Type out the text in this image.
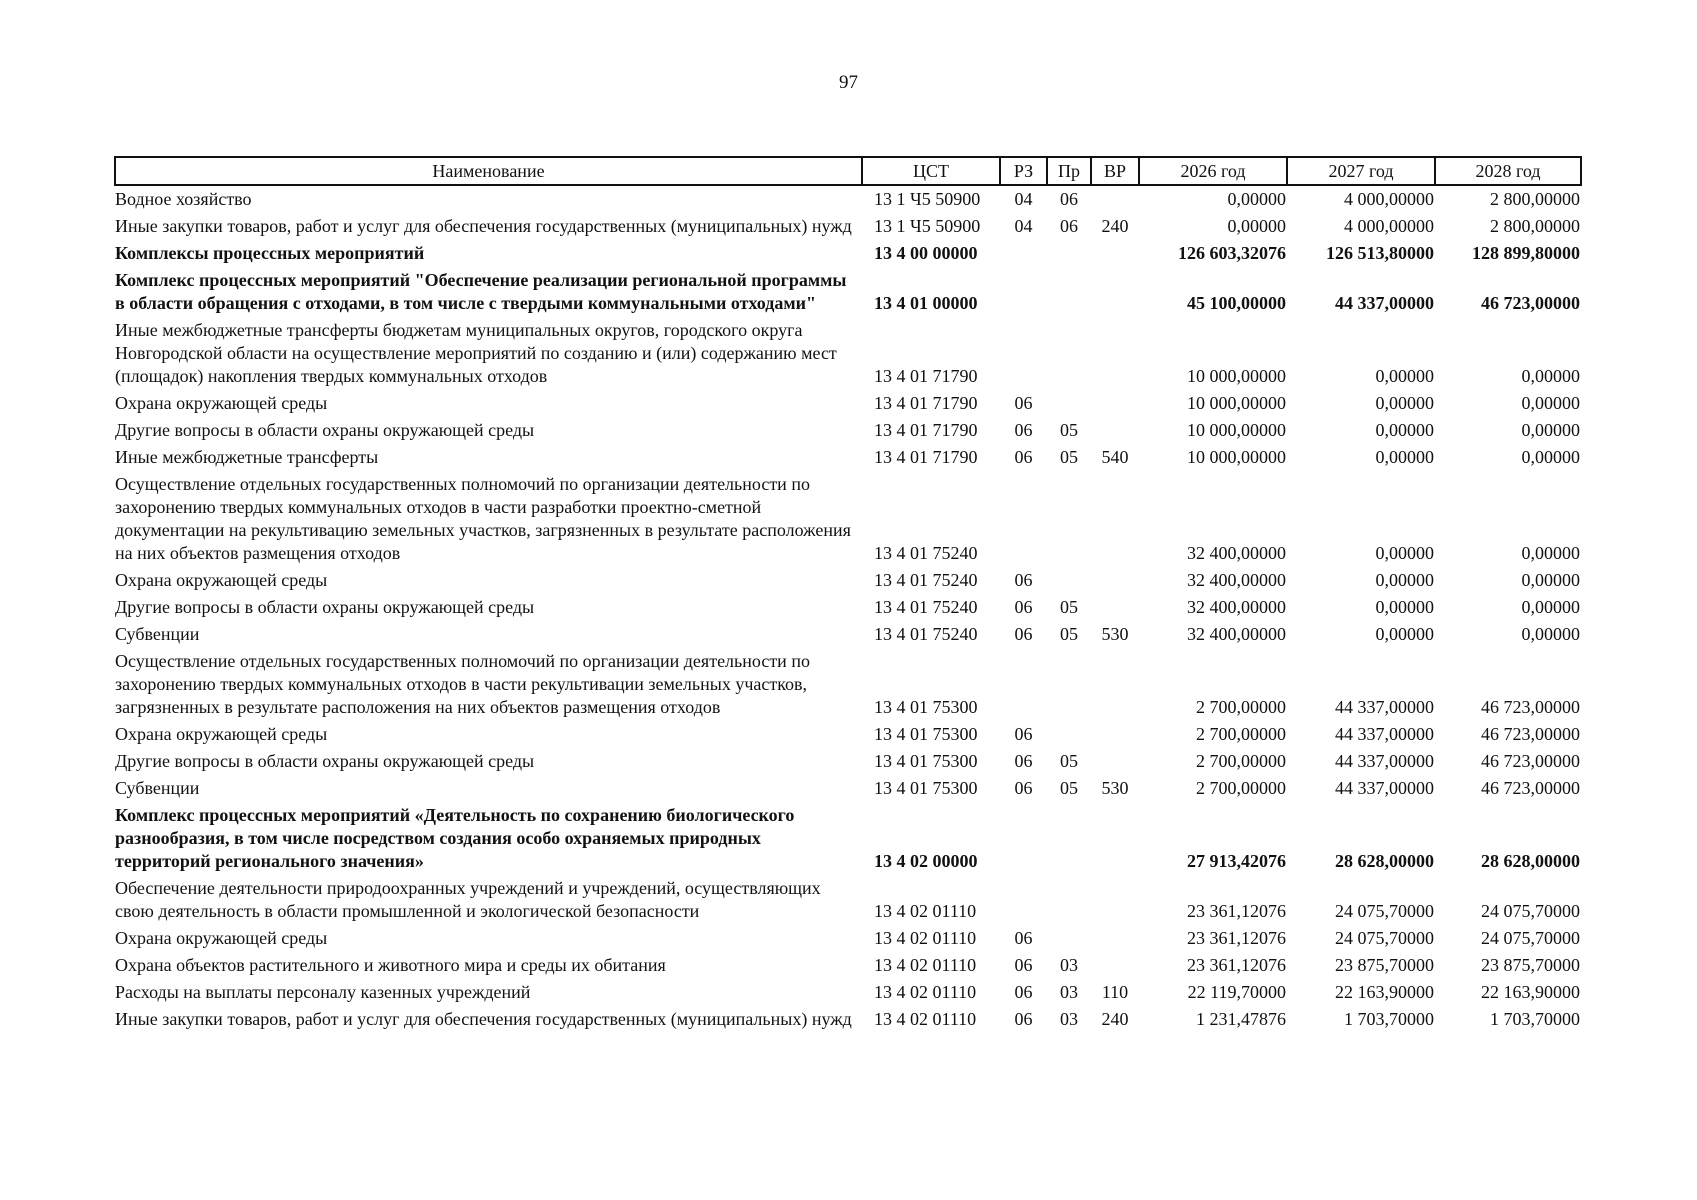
97
Наименование	ЦСТ	РЗ	Пр	ВР	2026 год	2027 год	2028 год
Водное хозяйство	13 1 Ч5 50900	04	06		0,00000	4 000,00000	2 800,00000
Иные закупки товаров, работ и услуг для обеспечения государственных (муниципальных) нужд	13 1 Ч5 50900	04	06	240	0,00000	4 000,00000	2 800,00000
Комплексы процессных мероприятий	13 4 00 00000				126 603,32076	126 513,80000	128 899,80000
Комплекс процессных мероприятий "Обеспечение реализации региональной программы в области обращения с отходами, в том числе с твердыми коммунальными отходами"	13 4 01 00000				45 100,00000	44 337,00000	46 723,00000
Иные межбюджетные трансферты бюджетам муниципальных округов, городского округа Новгородской области на осуществление мероприятий по созданию и (или) содержанию мест (площадок) накопления твердых коммунальных отходов	13 4 01 71790				10 000,00000	0,00000	0,00000
Охрана окружающей среды	13 4 01 71790	06			10 000,00000	0,00000	0,00000
Другие вопросы в области охраны окружающей среды	13 4 01 71790	06	05		10 000,00000	0,00000	0,00000
Иные межбюджетные трансферты	13 4 01 71790	06	05	540	10 000,00000	0,00000	0,00000
Осуществление отдельных государственных полномочий по организации деятельности по захоронению твердых коммунальных отходов в части разработки проектно-сметной документации на рекультивацию земельных участков, загрязненных в результате расположения на них объектов размещения отходов	13 4 01 75240				32 400,00000	0,00000	0,00000
Охрана окружающей среды	13 4 01 75240	06			32 400,00000	0,00000	0,00000
Другие вопросы в области охраны окружающей среды	13 4 01 75240	06	05		32 400,00000	0,00000	0,00000
Субвенции	13 4 01 75240	06	05	530	32 400,00000	0,00000	0,00000
Осуществление отдельных государственных полномочий по организации деятельности по захоронению твердых коммунальных отходов в части рекультивации земельных участков, загрязненных в результате расположения на них объектов размещения отходов	13 4 01 75300				2 700,00000	44 337,00000	46 723,00000
Охрана окружающей среды	13 4 01 75300	06			2 700,00000	44 337,00000	46 723,00000
Другие вопросы в области охраны окружающей среды	13 4 01 75300	06	05		2 700,00000	44 337,00000	46 723,00000
Субвенции	13 4 01 75300	06	05	530	2 700,00000	44 337,00000	46 723,00000
Комплекс процессных мероприятий «Деятельность по сохранению биологического разнообразия, в том числе посредством создания особо охраняемых природных территорий регионального значения»	13 4 02 00000				27 913,42076	28 628,00000	28 628,00000
Обеспечение деятельности природоохранных учреждений и учреждений, осуществляющих свою деятельность в области промышленной и экологической безопасности	13 4 02 01110				23 361,12076	24 075,70000	24 075,70000
Охрана окружающей среды	13 4 02 01110	06			23 361,12076	24 075,70000	24 075,70000
Охрана объектов растительного и животного мира и среды их обитания	13 4 02 01110	06	03		23 361,12076	23 875,70000	23 875,70000
Расходы на выплаты персоналу казенных учреждений	13 4 02 01110	06	03	110	22 119,70000	22 163,90000	22 163,90000
Иные закупки товаров, работ и услуг для обеспечения государственных (муниципальных) нужд	13 4 02 01110	06	03	240	1 231,47876	1 703,70000	1 703,70000
